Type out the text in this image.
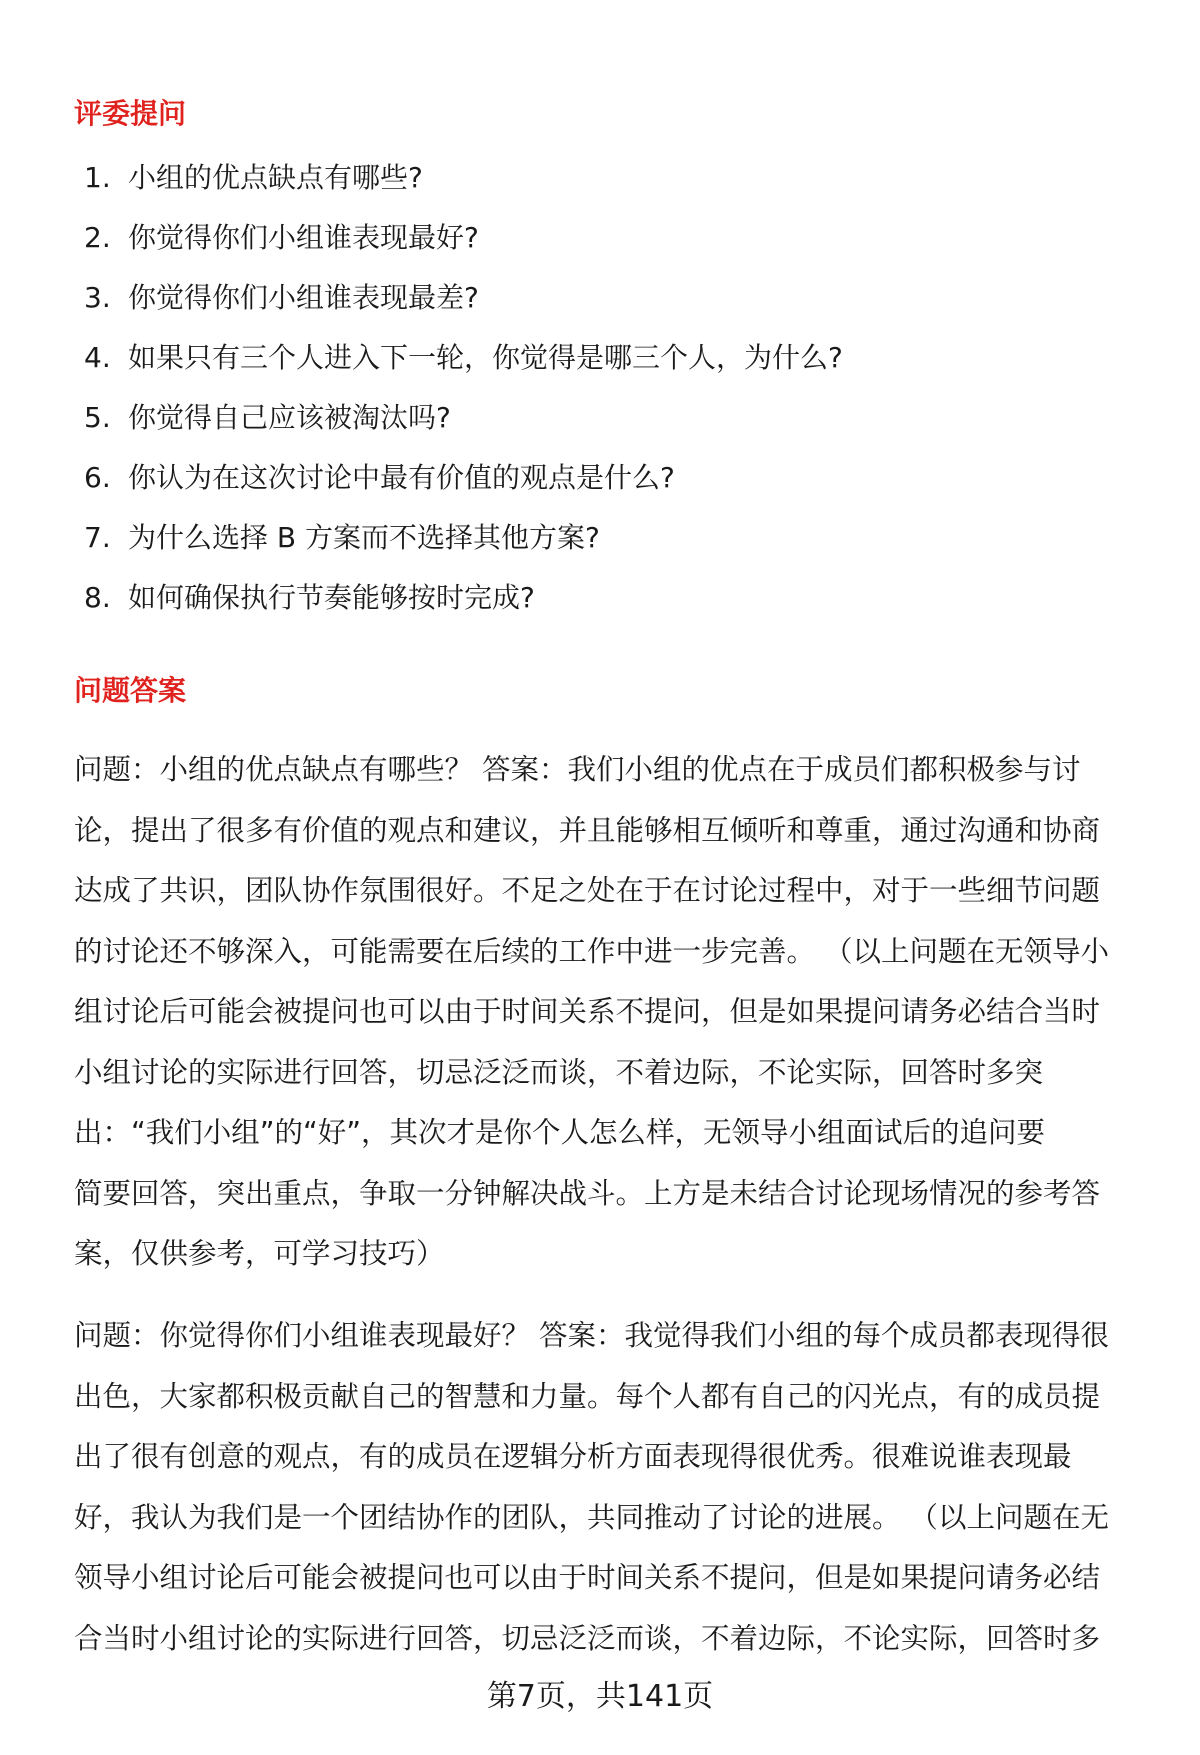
评委提问
1. 小组的优点缺点有哪些?
2. 你觉得你们小组谁表现最好?
3. 你觉得你们小组谁表现最差?
4. 如果只有三个人进入下一轮，你觉得是哪三个人，为什么?
5. 你觉得自己应该被淘汰吗?
6. 你认为在这次讨论中最有价值的观点是什么?
7. 为什么选择 B 方案而不选择其他方案?
8. 如何确保执行节奏能够按时完成?
问题答案
问题：小组的优点缺点有哪些？ 答案：我们小组的优点在于成员们都积极参与讨
论，提出了很多有价值的观点和建议，并且能够相互倾听和尊重，通过沟通和协商
达成了共识，团队协作氛围很好。不足之处在于在讨论过程中，对于一些细节问题
的讨论还不够深入，可能需要在后续的工作中进一步完善。 （以上问题在无领导小
组讨论后可能会被提问也可以由于时间关系不提问，但是如果提问请务必结合当时
小组讨论的实际进行回答，切忌泛泛而谈，不着边际，不论实际，回答时多突
出：“我们小组”的“好”，其次才是你个人怎么样，无领导小组面试后的追问要
简要回答，突出重点，争取一分钟解决战斗。上方是未结合讨论现场情况的参考答
案，仅供参考，可学习技巧）
问题：你觉得你们小组谁表现最好？ 答案：我觉得我们小组的每个成员都表现得很
出色，大家都积极贡献自己的智慧和力量。每个人都有自己的闪光点，有的成员提
出了很有创意的观点，有的成员在逻辑分析方面表现得很优秀。很难说谁表现最
好，我认为我们是一个团结协作的团队，共同推动了讨论的进展。 （以上问题在无
领导小组讨论后可能会被提问也可以由于时间关系不提问，但是如果提问请务必结
合当时小组讨论的实际进行回答，切忌泛泛而谈，不着边际，不论实际，回答时多
第7页，共141页
